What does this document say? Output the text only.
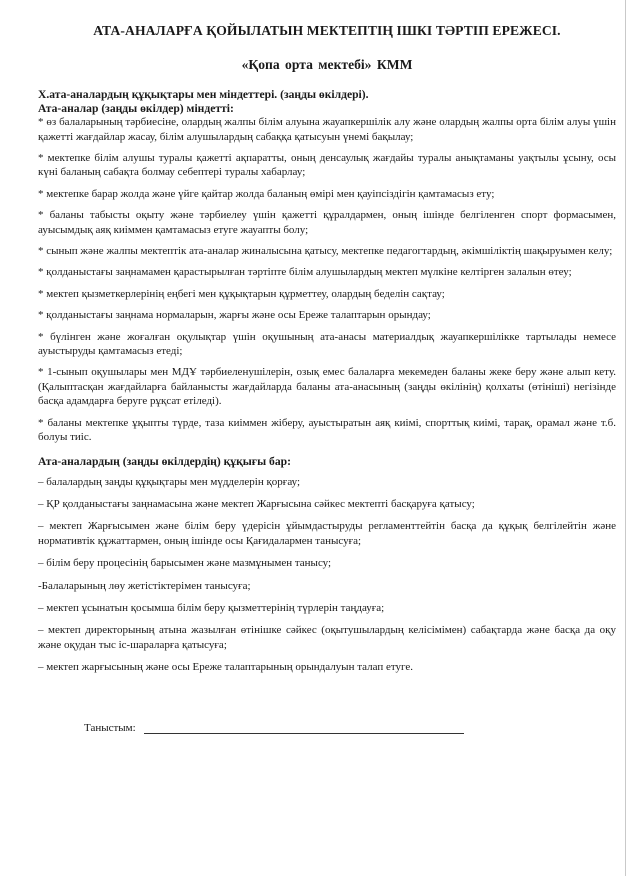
АТА-АНАЛАРҒА ҚОЙЫЛАТЫН МЕКТЕПТІҢ ІШКІ ТӘРТІП ЕРЕЖЕСІ.
«Қопа орта мектебі» КММ

Х.ата-аналардың құқықтары мен міндеттері. (заңды өкілдері).

Ата-аналар (заңды өкілдер) міндетті:

* өз балаларының тәрбиесіне, олардың жалпы білім алуына жауапкершілік алу және олардың жалпы орта білім алуы үшін қажетті жағдайлар жасау, білім алушылардың сабаққа қатысуын үнемі бақылау;

* мектепке білім алушы туралы қажетті ақпаратты, оның денсаулық жағдайы туралы анықтаманы уақтылы ұсыну, осы күні баланың сабақта болмау себептері туралы хабарлау;

* мектепке барар жолда және үйге қайтар жолда баланың өмірі мен қауіпсіздігін қамтамасыз ету;

* баланы табысты оқыту және тәрбиелеу үшін қажетті құралдармен, оның ішінде белгіленген спорт формасымен, ауысымдық аяқ киіммен қамтамасыз етуге жауапты болу;

* сынып және жалпы мектептік ата-аналар жиналысына қатысу, мектепке педагогтардың, әкімшіліктің шақыруымен келу;

* қолданыстағы заңнамамен қарастырылған тәртіпте білім алушылардың мектеп мүлкіне келтірген залалын өтеу;

* мектеп қызметкерлерінің еңбегі мен құқықтарын құрметтеу, олардың беделін сақтау;

* қолданыстағы заңнама нормаларын, жарғы және осы Ереже талаптарын орындау;

* бүлінген және жоғалған оқулықтар үшін оқушының ата-анасы материалдық жауапкершілікке тартылады немесе ауыстыруды қамтамасыз етеді;

* 1-сынып оқушылары мен МДҰ тәрбиеленушілерін, озық емес балаларға мекемеден баланы жеке беру және алып кету. (Қалыптасқан жағдайларға байланысты жағдайларда баланы ата-анасының (заңды өкілінің) қолхаты (өтініші) негізінде басқа адамдарға беруге рұқсат етіледі).

* баланы мектепке ұқыпты түрде, таза киіммен жіберу, ауыстыратын аяқ киімі, спорттық киімі, тарақ, орамал және т.б. болуы тиіс.

Ата-аналардың (заңды өкілдердің) құқығы бар:

– балалардың заңды құқықтары мен мүдделерін қорғау;

– ҚР қолданыстағы заңнамасына және мектеп Жарғысына сәйкес мектепті басқаруға қатысу;

– мектеп Жарғысымен және білім беру үдерісін ұйымдастыруды регламенттейтін басқа да құқық белгілейтін және нормативтік құжаттармен, оның ішінде осы Қағидалармен танысуға;

– білім беру процесінің барысымен және мазмұнымен танысу;

-Балаларының лөу жетістіктерімен танысуға;

– мектеп ұсынатын қосымша білім беру қызметтерінің түрлерін таңдауға;

– мектеп директорының атына жазылған өтінішке сәйкес (оқытушылардың келісімімен) сабақтарда және басқа да оқу және оқудан тыс іс-шараларға қатысуға;

– мектеп жарғысының және осы Ереже талаптарының орындалуын талап етуге.

Таныстым:
